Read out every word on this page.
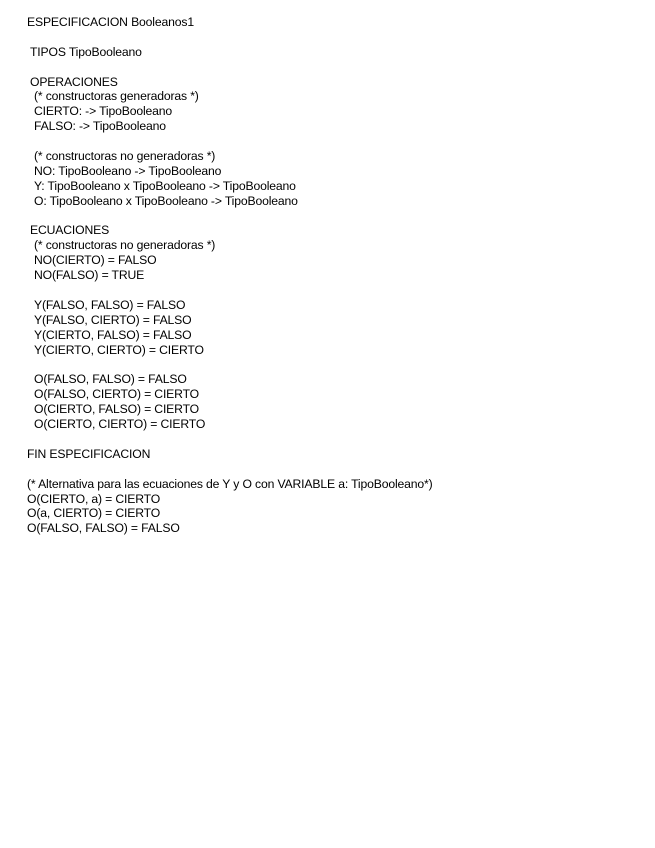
ESPECIFICACION Booleanos1
TIPOS TipoBooleano
OPERACIONES
(* constructoras generadoras *)
CIERTO: -> TipoBooleano
FALSO: -> TipoBooleano
(* constructoras no generadoras *)
NO: TipoBooleano -> TipoBooleano
Y: TipoBooleano x TipoBooleano -> TipoBooleano
O: TipoBooleano x TipoBooleano -> TipoBooleano
ECUACIONES
(* constructoras no generadoras *)
NO(CIERTO) = FALSO
NO(FALSO) = TRUE
Y(FALSO, FALSO) = FALSO
Y(FALSO, CIERTO) = FALSO
Y(CIERTO, FALSO) = FALSO
Y(CIERTO, CIERTO) = CIERTO
O(FALSO, FALSO) = FALSO
O(FALSO, CIERTO) = CIERTO
O(CIERTO, FALSO) = CIERTO
O(CIERTO, CIERTO) = CIERTO
FIN ESPECIFICACION
(* Alternativa para las ecuaciones de Y y O con VARIABLE a: TipoBooleano*)
O(CIERTO, a) = CIERTO
O(a, CIERTO) = CIERTO
O(FALSO, FALSO) = FALSO
